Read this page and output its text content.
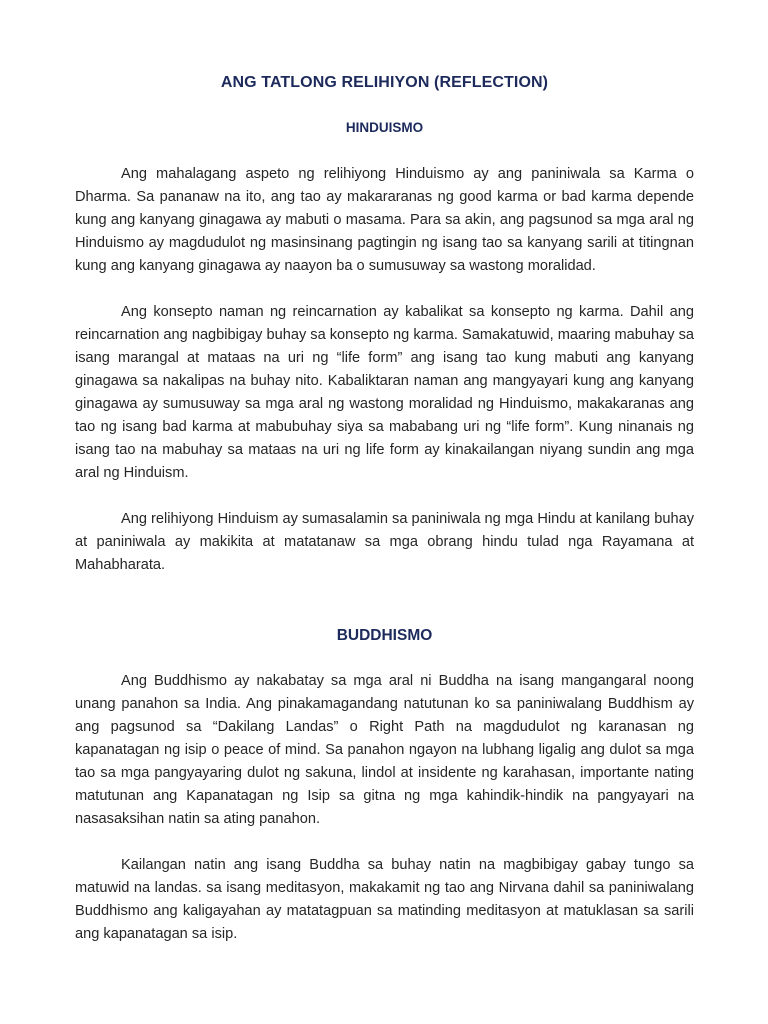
ANG TATLONG RELIHIYON (REFLECTION)
HINDUISMO

Ang mahalagang aspeto ng relihiyong Hinduismo ay ang paniniwala sa Karma o Dharma. Sa pananaw na ito, ang tao ay makararanas ng good karma or bad karma depende kung ang kanyang ginagawa ay mabuti o masama. Para sa akin, ang pagsunod sa mga aral ng Hinduismo ay magdudulot ng masinsinang pagtingin ng isang tao sa kanyang sarili at titingnan kung ang kanyang ginagawa ay naayon ba o sumusuway sa wastong moralidad.

Ang konsepto naman ng reincarnation ay kabalikat sa konsepto ng karma. Dahil ang reincarnation ang nagbibigay buhay sa konsepto ng karma. Samakatuwid, maaring mabuhay sa isang marangal at mataas na uri ng “life form” ang isang tao kung mabuti ang kanyang ginagawa sa nakalipas na buhay nito. Kabaliktaran naman ang mangyayari kung ang kanyang ginagawa ay sumusuway sa mga aral ng wastong moralidad ng Hinduismo, makakaranas ang tao ng isang bad karma at mabubuhay siya sa mababang uri ng “life form”. Kung ninanais ng isang tao na mabuhay sa mataas na uri ng life form ay kinakailangan niyang sundin ang mga aral ng Hinduism.

Ang relihiyong Hinduism ay sumasalamin sa paniniwala ng mga Hindu at kanilang buhay at paniniwala ay makikita at matatanaw sa mga obrang hindu tulad nga Rayamana at Mahabharata.

BUDDHISMO

Ang Buddhismo ay nakabatay sa mga aral ni Buddha na isang mangangaral noong unang panahon sa India. Ang pinakamagandang natutunan ko sa paniniwalang Buddhism ay ang pagsunod sa “Dakilang Landas” o Right Path na magdudulot ng karanasan ng kapanatagan ng isip o peace of mind. Sa panahon ngayon na lubhang ligalig ang dulot sa mga tao sa mga pangyayaring dulot ng sakuna, lindol at insidente ng karahasan, importante nating matutunan ang Kapanatagan ng Isip sa gitna ng mga kahindik-hindik na pangyayari na nasasaksihan natin sa ating panahon.

Kailangan natin ang isang Buddha sa buhay natin na magbibigay gabay tungo sa matuwid na landas. sa isang meditasyon, makakamit ng tao ang Nirvana dahil sa paniniwalang Buddhismo ang kaligayahan ay matatagpuan sa matinding meditasyon at matuklasan sa sarili ang kapanatagan sa isip.
